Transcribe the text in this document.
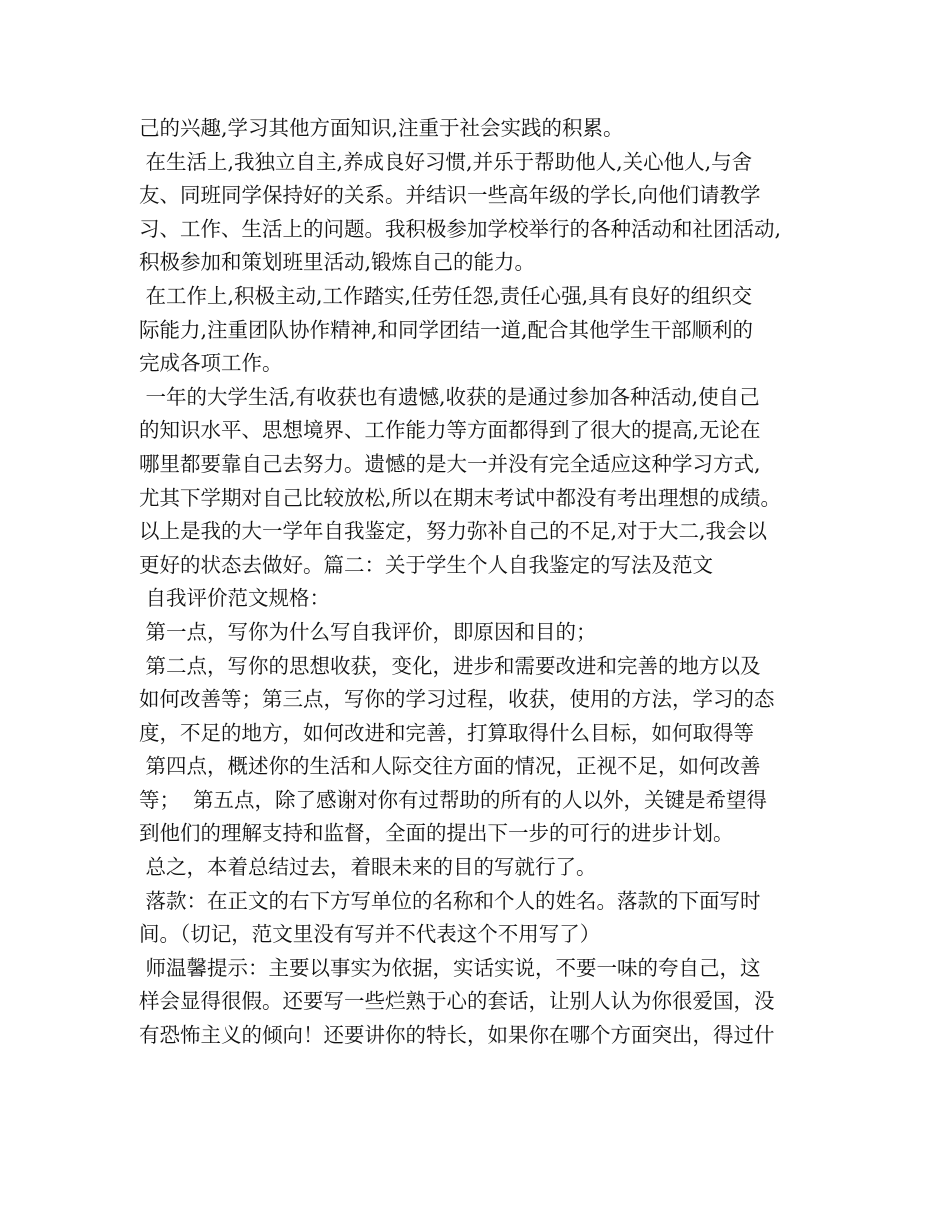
己的兴趣,学习其他方面知识,注重于社会实践的积累。
在生活上,我独立自主,养成良好习惯,并乐于帮助他人,关心他人,与舍
友、同班同学保持好的关系。并结识一些高年级的学长,向他们请教学
习、工作、生活上的问题。我积极参加学校举行的各种活动和社团活动,
积极参加和策划班里活动,锻炼自己的能力。
在工作上,积极主动,工作踏实,任劳任怨,责任心强,具有良好的组织交
际能力,注重团队协作精神,和同学团结一道,配合其他学生干部顺利的
完成各项工作。
一年的大学生活,有收获也有遗憾,收获的是通过参加各种活动,使自己
的知识水平、思想境界、工作能力等方面都得到了很大的提高,无论在
哪里都要靠自己去努力。遗憾的是大一并没有完全适应这种学习方式,
尤其下学期对自己比较放松,所以在期末考试中都没有考出理想的成绩。
以上是我的大一学年自我鉴定，努力弥补自己的不足,对于大二,我会以
更好的状态去做好。篇二：关于学生个人自我鉴定的写法及范文
自我评价范文规格：
第一点，写你为什么写自我评价，即原因和目的；
第二点，写你的思想收获，变化，进步和需要改进和完善的地方以及
如何改善等；第三点，写你的学习过程，收获，使用的方法，学习的态
度，不足的地方，如何改进和完善，打算取得什么目标，如何取得等
第四点，概述你的生活和人际交往方面的情况，正视不足，如何改善
等；  第五点，除了感谢对你有过帮助的所有的人以外，关键是希望得
到他们的理解支持和监督，全面的提出下一步的可行的进步计划。
总之，本着总结过去，着眼未来的目的写就行了。
落款：在正文的右下方写单位的名称和个人的姓名。落款的下面写时
间。（切记，范文里没有写并不代表这个不用写了）
师温馨提示：主要以事实为依据，实话实说，不要一味的夸自己，这
样会显得很假。还要写一些烂熟于心的套话，让别人认为你很爱国，没
有恐怖主义的倾向！还要讲你的特长，如果你在哪个方面突出，得过什
